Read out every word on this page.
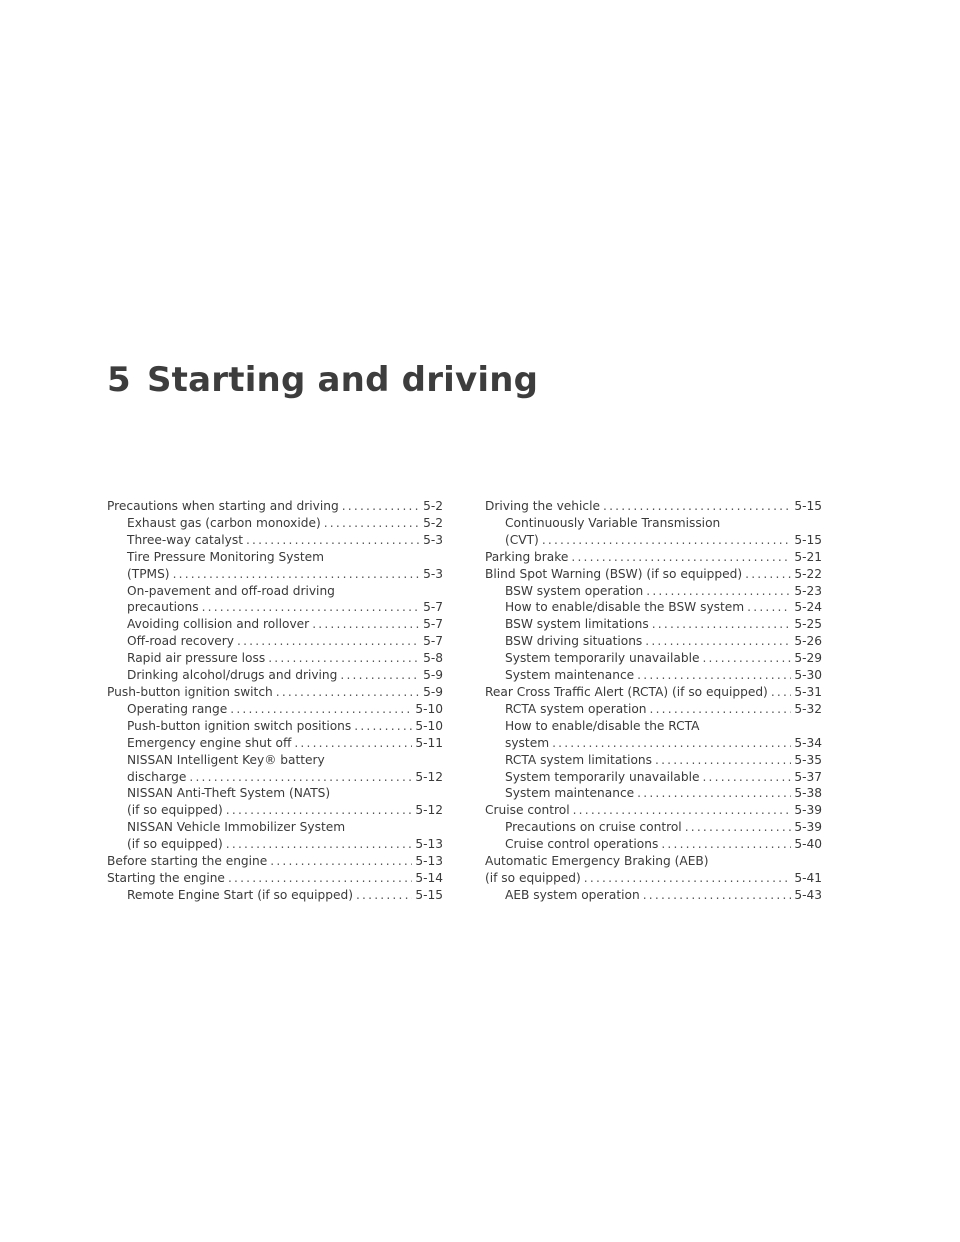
5 Starting and driving
Precautions when starting and driving .....	5-2
Exhaust gas (carbon monoxide) .....	5-2
Three-way catalyst .....	5-3
Tire Pressure Monitoring System
(TPMS) .....	5-3
On-pavement and off-road driving
precautions .....	5-7
Avoiding collision and rollover .....	5-7
Off-road recovery .....	5-7
Rapid air pressure loss .....	5-8
Drinking alcohol/drugs and driving .....	5-9
Push-button ignition switch .....	5-9
Operating range .....	5-10
Push-button ignition switch positions .....	5-10
Emergency engine shut off .....	5-11
NISSAN Intelligent Key® battery
discharge .....	5-12
NISSAN Anti-Theft System (NATS)
(if so equipped) .....	5-12
NISSAN Vehicle Immobilizer System
(if so equipped) .....	5-13
Before starting the engine .....	5-13
Starting the engine .....	5-14
Remote Engine Start (if so equipped) .....	5-15
Driving the vehicle .....	5-15
Continuously Variable Transmission
(CVT) .....	5-15
Parking brake .....	5-21
Blind Spot Warning (BSW) (if so equipped) .....	5-22
BSW system operation .....	5-23
How to enable/disable the BSW system .....	5-24
BSW system limitations .....	5-25
BSW driving situations .....	5-26
System temporarily unavailable .....	5-29
System maintenance .....	5-30
Rear Cross Traffic Alert (RCTA) (if so equipped) ..... 5-31
RCTA system operation .....	5-32
How to enable/disable the RCTA
system .....	5-34
RCTA system limitations .....	5-35
System temporarily unavailable .....	5-37
System maintenance .....	5-38
Cruise control .....	5-39
Precautions on cruise control .....	5-39
Cruise control operations .....	5-40
Automatic Emergency Braking (AEB)
(if so equipped) .....	5-41
AEB system operation .....	5-43
